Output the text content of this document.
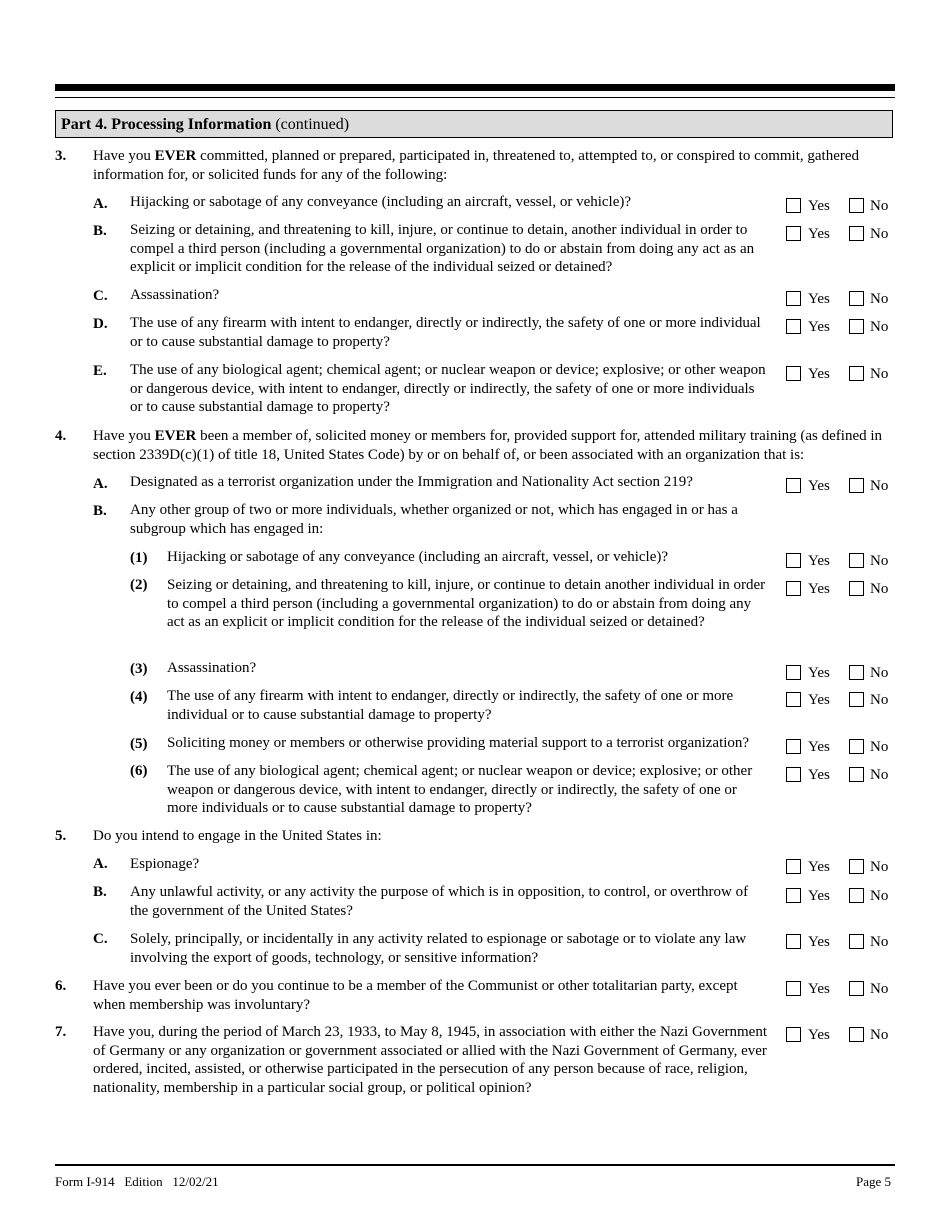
Part 4. Processing Information (continued)
3. Have you EVER committed, planned or prepared, participated in, threatened to, attempted to, or conspired to commit, gathered information for, or solicited funds for any of the following:
A. Hijacking or sabotage of any conveyance (including an aircraft, vessel, or vehicle)?	Yes	No
B. Seizing or detaining, and threatening to kill, injure, or continue to detain, another individual in order to compel a third person (including a governmental organization) to do or abstain from doing any act as an explicit or implicit condition for the release of the individual seized or detained?
Yes	No
C. Assassination?	Yes	No
D. The use of any firearm with intent to endanger, directly or indirectly, the safety of one or more individual or to cause substantial damage to property?
Yes	No
E. The use of any biological agent; chemical agent; or nuclear weapon or device; explosive; or other weapon or dangerous device, with intent to endanger, directly or indirectly, the safety of one or more individuals or to cause substantial damage to property?
Yes	No
4. Have you EVER been a member of, solicited money or members for, provided support for, attended military training (as defined in section 2339D(c)(1) of title 18, United States Code) by or on behalf of, or been associated with an organization that is:
A. Designated as a terrorist organization under the Immigration and Nationality Act section 219?	Yes	No
B. Any other group of two or more individuals, whether organized or not, which has engaged in or has a subgroup which has engaged in:
(1) Hijacking or sabotage of any conveyance (including an aircraft, vessel, or vehicle)?	Yes	No
(2) Seizing or detaining, and threatening to kill, injure, or continue to detain another individual in order to compel a third person (including a governmental organization) to do or abstain from doing any act as an explicit or implicit condition for the release of the individual seized or detained?
Yes	No
(3) Assassination?	Yes	No
(4) The use of any firearm with intent to endanger, directly or indirectly, the safety of one or more individual or to cause substantial damage to property?
Yes	No
(5) Soliciting money or members or otherwise providing material support to a terrorist organization?	Yes	No
(6) The use of any biological agent; chemical agent; or nuclear weapon or device; explosive; or other weapon or dangerous device, with intent to endanger, directly or indirectly, the safety of one or more individuals or to cause substantial damage to property?
Yes	No
5. Do you intend to engage in the United States in:
A. Espionage?	Yes	No
B. Any unlawful activity, or any activity the purpose of which is in opposition, to control, or overthrow of the government of the United States?
Yes	No
C. Solely, principally, or incidentally in any activity related to espionage or sabotage or to violate any law involving the export of goods, technology, or sensitive information?
Yes	No
6. Have you ever been or do you continue to be a member of the Communist or other totalitarian party, except when membership was involuntary?
Yes	No
7. Have you, during the period of March 23, 1933, to May 8, 1945, in association with either the Nazi Government of Germany or any organization or government associated or allied with the Nazi Government of Germany, ever ordered, incited, assisted, or otherwise participated in the persecution of any person because of race, religion, nationality, membership in a particular social group, or political opinion?
Yes	No
Form I-914   Edition   12/02/21	Page 5
